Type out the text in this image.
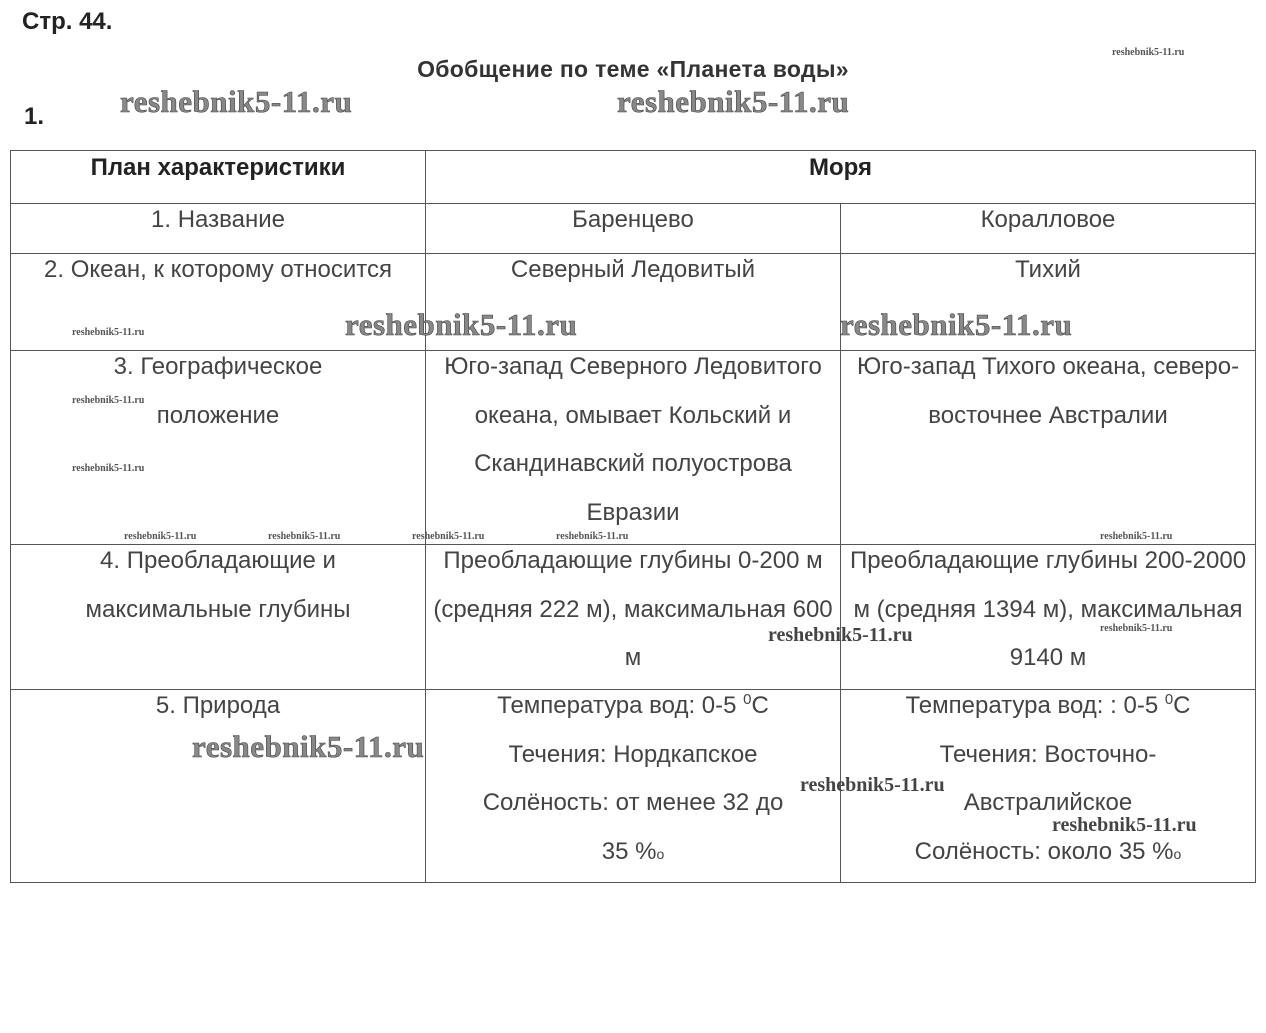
Стр. 44.
Обобщение по теме «Планета воды»
1.
План характеристики	Моря	

1. Название	Баренцево	Коралловое

2. Океан, к которому относится	Северный Ледовитый	Тихий

3. Географическое положение	Юго-запад Северного Ледовитого океана, омывает Кольский и Скандинавский полуострова Евразии	Юго-запад Тихого океана, северо-восточнее Австралии

4. Преобладающие и максимальные глубины	Преобладающие глубины 0-200 м (средняя 222 м), максимальная 600 м	Преобладающие глубины 200-2000 м (средняя 1394 м), максимальная 9140 м

5. Природа	Температура вод: 0-5 $^0$С
Течения: Нордкапское
Солёность: от менее 32 до
35 %o	Температура вод: : 0-5 $^0$С
Течения: Восточно-
Австралийское
Солёность: около 35 %o
reshebnik5-11.ru
reshebnik5-11.ru	reshebnik5-11.ru
reshebnik5-11.ru	reshebnik5-11.ru	reshebnik5-11.ru
reshebnik5-11.ru
reshebnik5-11.ru
reshebnik5-11.ru	reshebnik5-11.ru	reshebnik5-11.ru	reshebnik5-11.ru	reshebnik5-11.ru
reshebnik5-11.ru
reshebnik5-11.ru
reshebnik5-11.ru
reshebnik5-11.ru
reshebnik5-11.ru
